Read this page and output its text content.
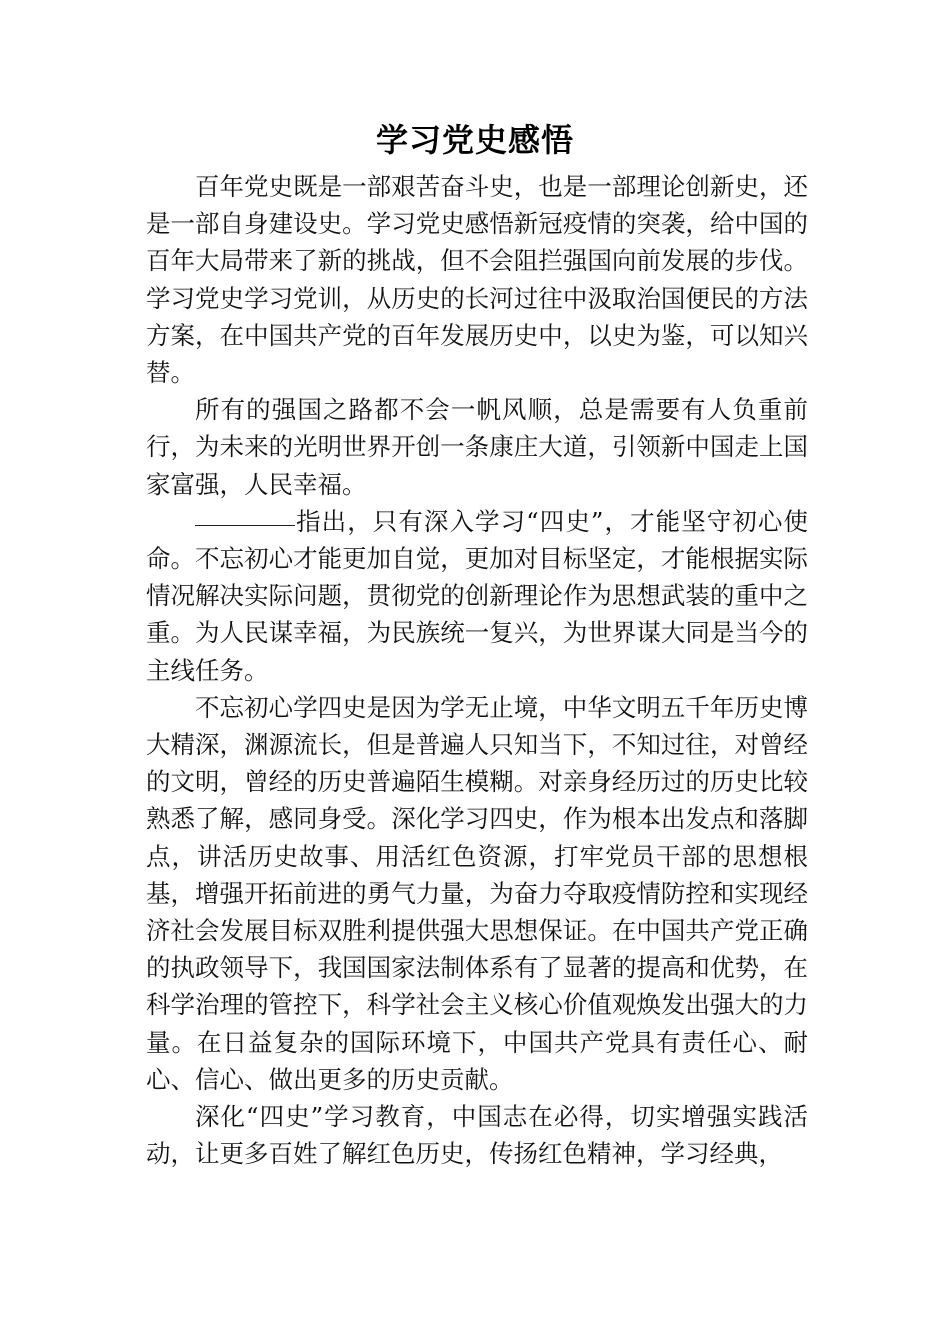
学习党史感悟

百年党史既是一部艰苦奋斗史，也是一部理论创新史，还是一部自身建设史。学习党史感悟新冠疫情的突袭，给中国的百年大局带来了新的挑战，但不会阻拦强国向前发展的步伐。学习党史学习党训，从历史的长河过往中汲取治国便民的方法方案，在中国共产党的百年发展历史中，以史为鉴，可以知兴替。

所有的强国之路都不会一帆风顺，总是需要有人负重前行，为未来的光明世界开创一条康庄大道，引领新中国走上国家富强，人民幸福。

指出，只有深入学习“四史”，才能坚守初心使命。不忘初心才能更加自觉，更加对目标坚定，才能根据实际情况解决实际问题，贯彻党的创新理论作为思想武装的重中之重。为人民谋幸福，为民族统一复兴，为世界谋大同是当今的主线任务。

不忘初心学四史是因为学无止境，中华文明五千年历史博大精深，渊源流长，但是普遍人只知当下，不知过往，对曾经的文明，曾经的历史普遍陌生模糊。对亲身经历过的历史比较熟悉了解，感同身受。深化学习四史，作为根本出发点和落脚点，讲活历史故事、用活红色资源，打牢党员干部的思想根基，增强开拓前进的勇气力量，为奋力夺取疫情防控和实现经济社会发展目标双胜利提供强大思想保证。在中国共产党正确的执政领导下，我国国家法制体系有了显著的提高和优势，在科学治理的管控下，科学社会主义核心价值观焕发出强大的力量。在日益复杂的国际环境下，中国共产党具有责任心、耐心、信心、做出更多的历史贡献。

深化“四史”学习教育，中国志在必得，切实增强实践活动，让更多百姓了解红色历史，传扬红色精神，学习经典，
